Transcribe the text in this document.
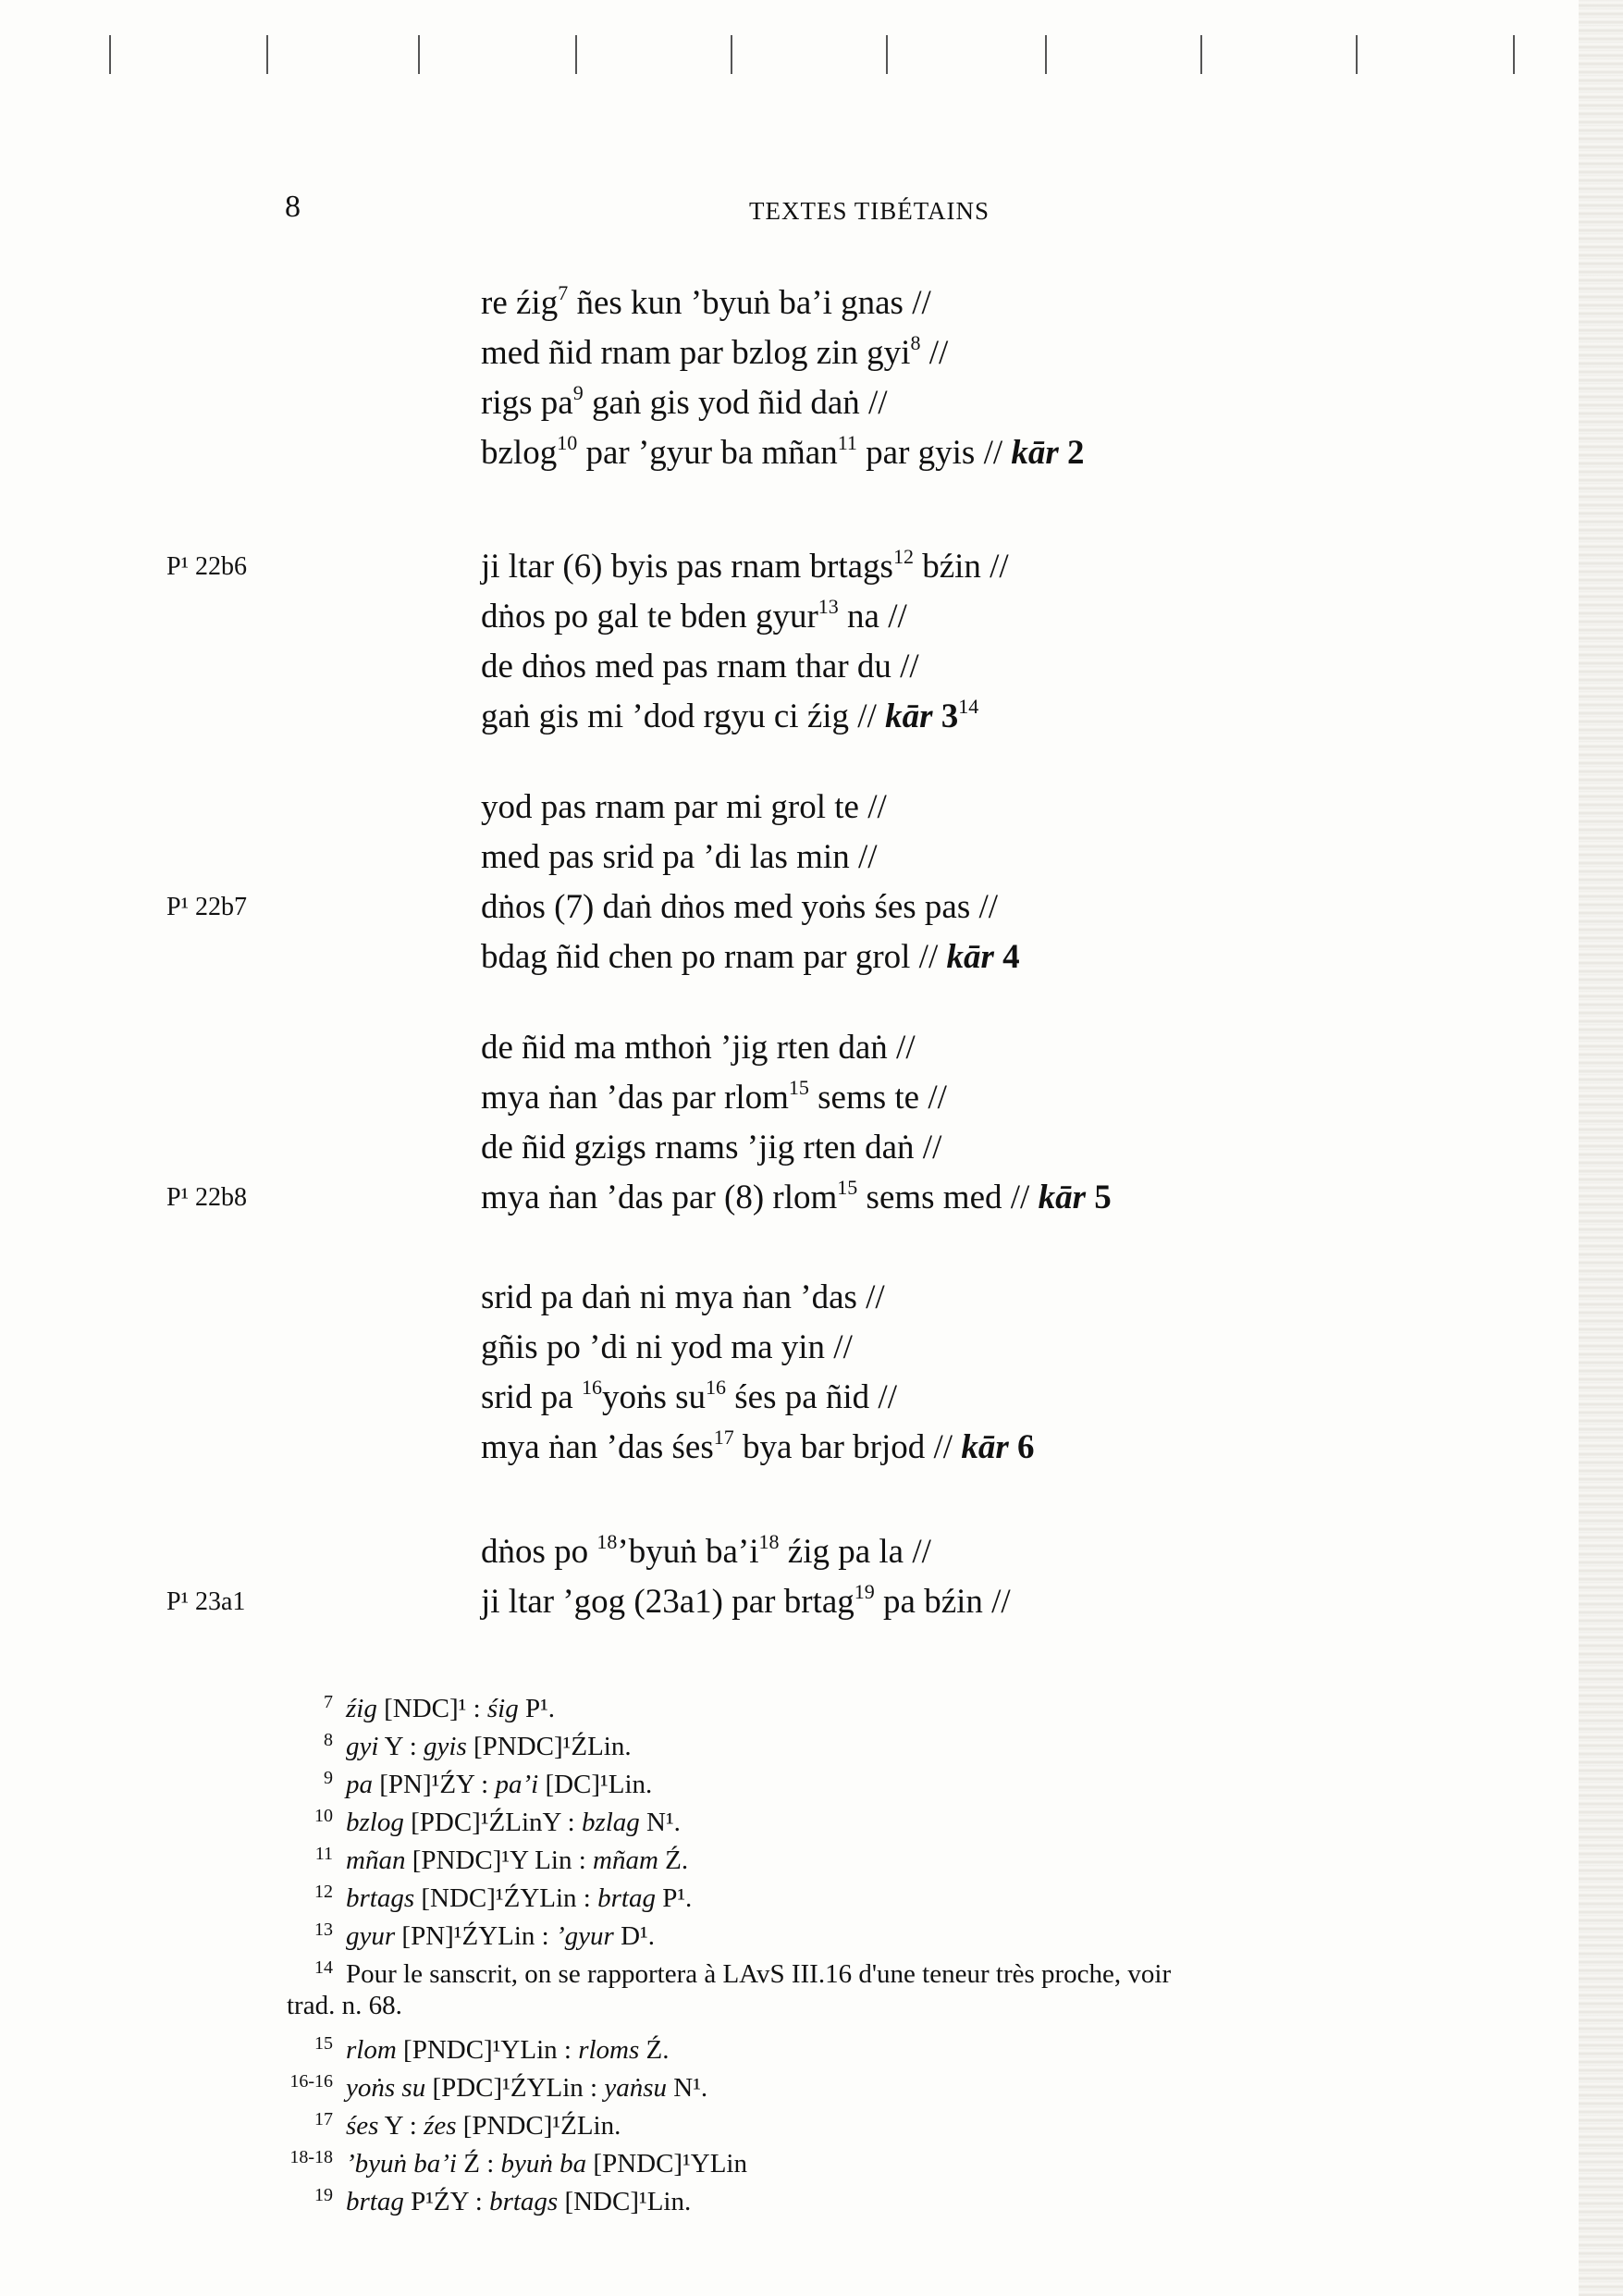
8	TEXTES TIBÉTAINS
re źig$^7$ ñes kun ’byuṅ ba’i gnas //
med ñid rnam par bzlog zin gyi$^8$ //
rigs $pa^9$ gaṅ gis yod ñid daṅ //
bzlog$^{10}$ par ’gyur ba mñan$^{11}$ par gyis // kār 2
ji ltar (6) byis pas rnam brtags$^{12}$ bźin //
dṅos po gal te bden gyur$^{13}$ na //
de dṅos med pas rnam thar du //
gaṅ gis mi ’dod rgyu ci źig // kār $3^{14}$
P¹ 22b6
yod pas rnam par mi grol te //
med pas srid pa ’di las min //
dṅos (7) daṅ dṅos med yoṅs śes pas //
bdag ñid chen po rnam par grol // kār 4
P¹ 22b7
de ñid ma mthoṅ ’jig rten daṅ //
mya ṅan ’das par rlom$^{15}$ sems te //
de ñid gzigs rnams ’jig rten daṅ //
mya ṅan ’das par (8) rlom$^{15}$ sems med // kār 5
P¹ 22b8
srid pa daṅ ni mya ṅan ’das //
gñis po ’di ni yod ma yin //
srid pa $^{16}$yoṅs $su^{16}$ śes pa ñid //
mya ṅan ’das śes$^{17}$ bya bar brjod // kār 6
dṅos po $^{18}$’byuṅ $ba’i^{18}$ źig pa la //
ji ltar ’gog (23a1) par brtag$^{19}$ pa bźin //
P¹ 23a1
7 źig [NDC]¹ : śig P¹.
8 gyi Y : gyis [PNDC]¹ŹLin.
9 pa [PN]¹ŹY : pa’i [DC]¹Lin.
10 bzlog [PDC]¹ŹLinY : bzlag N¹.
11 mñan [PNDC]¹Y Lin : mñam Ź.
12 brtags [NDC]¹ŹYLin : brtag P¹.
13 gyur [PN]¹ŹYLin : ’gyur D¹.
14 Pour le sanscrit, on se rapportera à LAvS III.16 d'une teneur très proche, voir
trad. n. 68.
15 rlom [PNDC]¹YLin : rloms Ź.
16-16 yoṅs su [PDC]¹ŹYLin : yaṅsu N¹.
17 śes Y : źes [PNDC]¹ŹLin.
18-18 ’byuṅ ba’i Ź : byuṅ ba [PNDC]¹YLin
19 brtag P¹ŹY : brtags [NDC]¹Lin.
